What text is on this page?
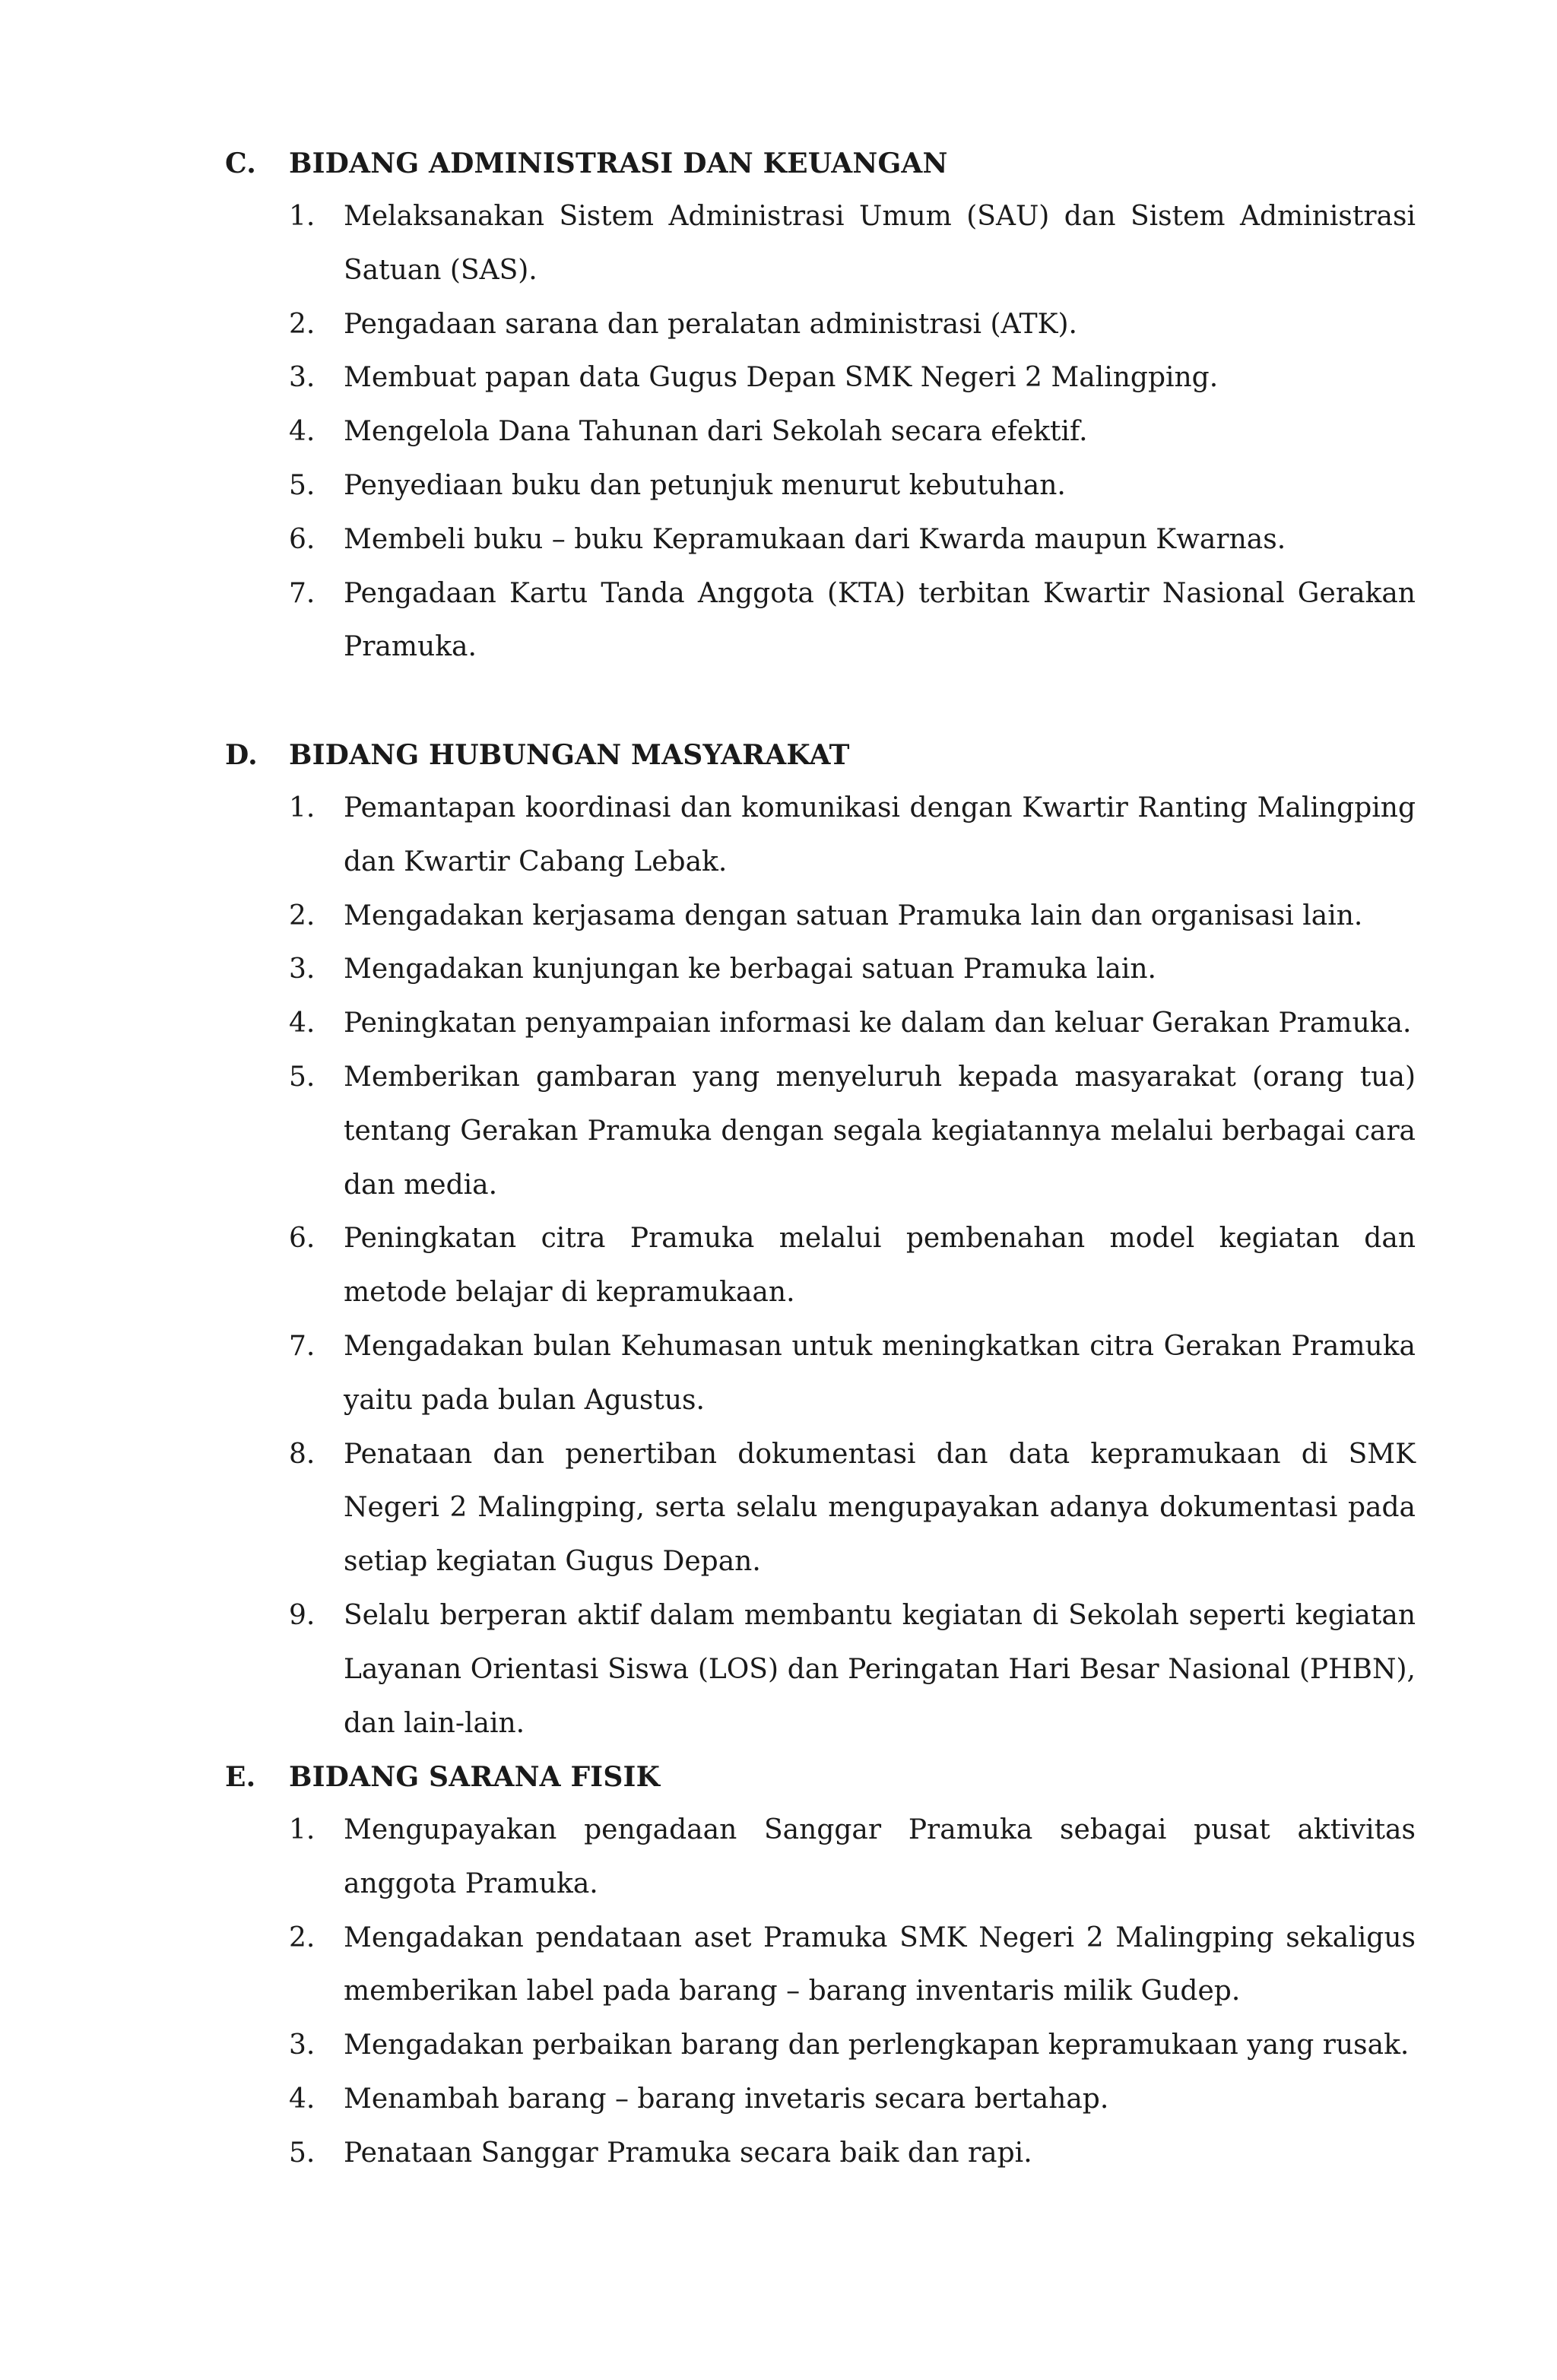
C.	BIDANG ADMINISTRASI DAN KEUANGAN
1.	Melaksanakan Sistem Administrasi Umum (SAU) dan Sistem Administrasi Satuan (SAS).
2.	Pengadaan sarana dan peralatan administrasi (ATK).
3.	Membuat papan data Gugus Depan SMK Negeri 2 Malingping.
4.	Mengelola Dana Tahunan dari Sekolah secara efektif.
5.	Penyediaan buku dan petunjuk menurut kebutuhan.
6.	Membeli buku – buku Kepramukaan dari Kwarda maupun Kwarnas.
7.	Pengadaan Kartu Tanda Anggota (KTA) terbitan Kwartir Nasional Gerakan Pramuka.
D.	BIDANG HUBUNGAN MASYARAKAT
1.	Pemantapan koordinasi dan komunikasi dengan Kwartir Ranting Malingping dan Kwartir Cabang Lebak.
2.	Mengadakan kerjasama dengan satuan Pramuka lain dan organisasi lain.
3.	Mengadakan kunjungan ke berbagai satuan Pramuka lain.
4.	Peningkatan penyampaian informasi ke dalam dan keluar Gerakan Pramuka.
5.	Memberikan gambaran yang menyeluruh kepada masyarakat (orang tua) tentang Gerakan Pramuka dengan segala kegiatannya melalui berbagai cara dan media.
6.	Peningkatan citra Pramuka melalui pembenahan model kegiatan dan metode belajar di kepramukaan.
7.	Mengadakan bulan Kehumasan untuk meningkatkan citra Gerakan Pramuka yaitu pada bulan Agustus.
8.	Penataan dan penertiban dokumentasi dan data kepramukaan di SMK Negeri 2 Malingping, serta selalu mengupayakan adanya dokumentasi pada setiap kegiatan Gugus Depan.
9.	Selalu berperan aktif dalam membantu kegiatan di Sekolah seperti kegiatan Layanan Orientasi Siswa (LOS) dan Peringatan Hari Besar Nasional (PHBN), dan lain-lain.
E.	BIDANG SARANA FISIK
1.	Mengupayakan pengadaan Sanggar Pramuka sebagai pusat aktivitas anggota Pramuka.
2.	Mengadakan pendataan aset Pramuka SMK Negeri 2 Malingping sekaligus memberikan label pada barang – barang inventaris milik Gudep.
3.	Mengadakan perbaikan barang dan perlengkapan kepramukaan yang rusak.
4.	Menambah barang – barang invetaris secara bertahap.
5.	Penataan Sanggar Pramuka secara baik dan rapi.
